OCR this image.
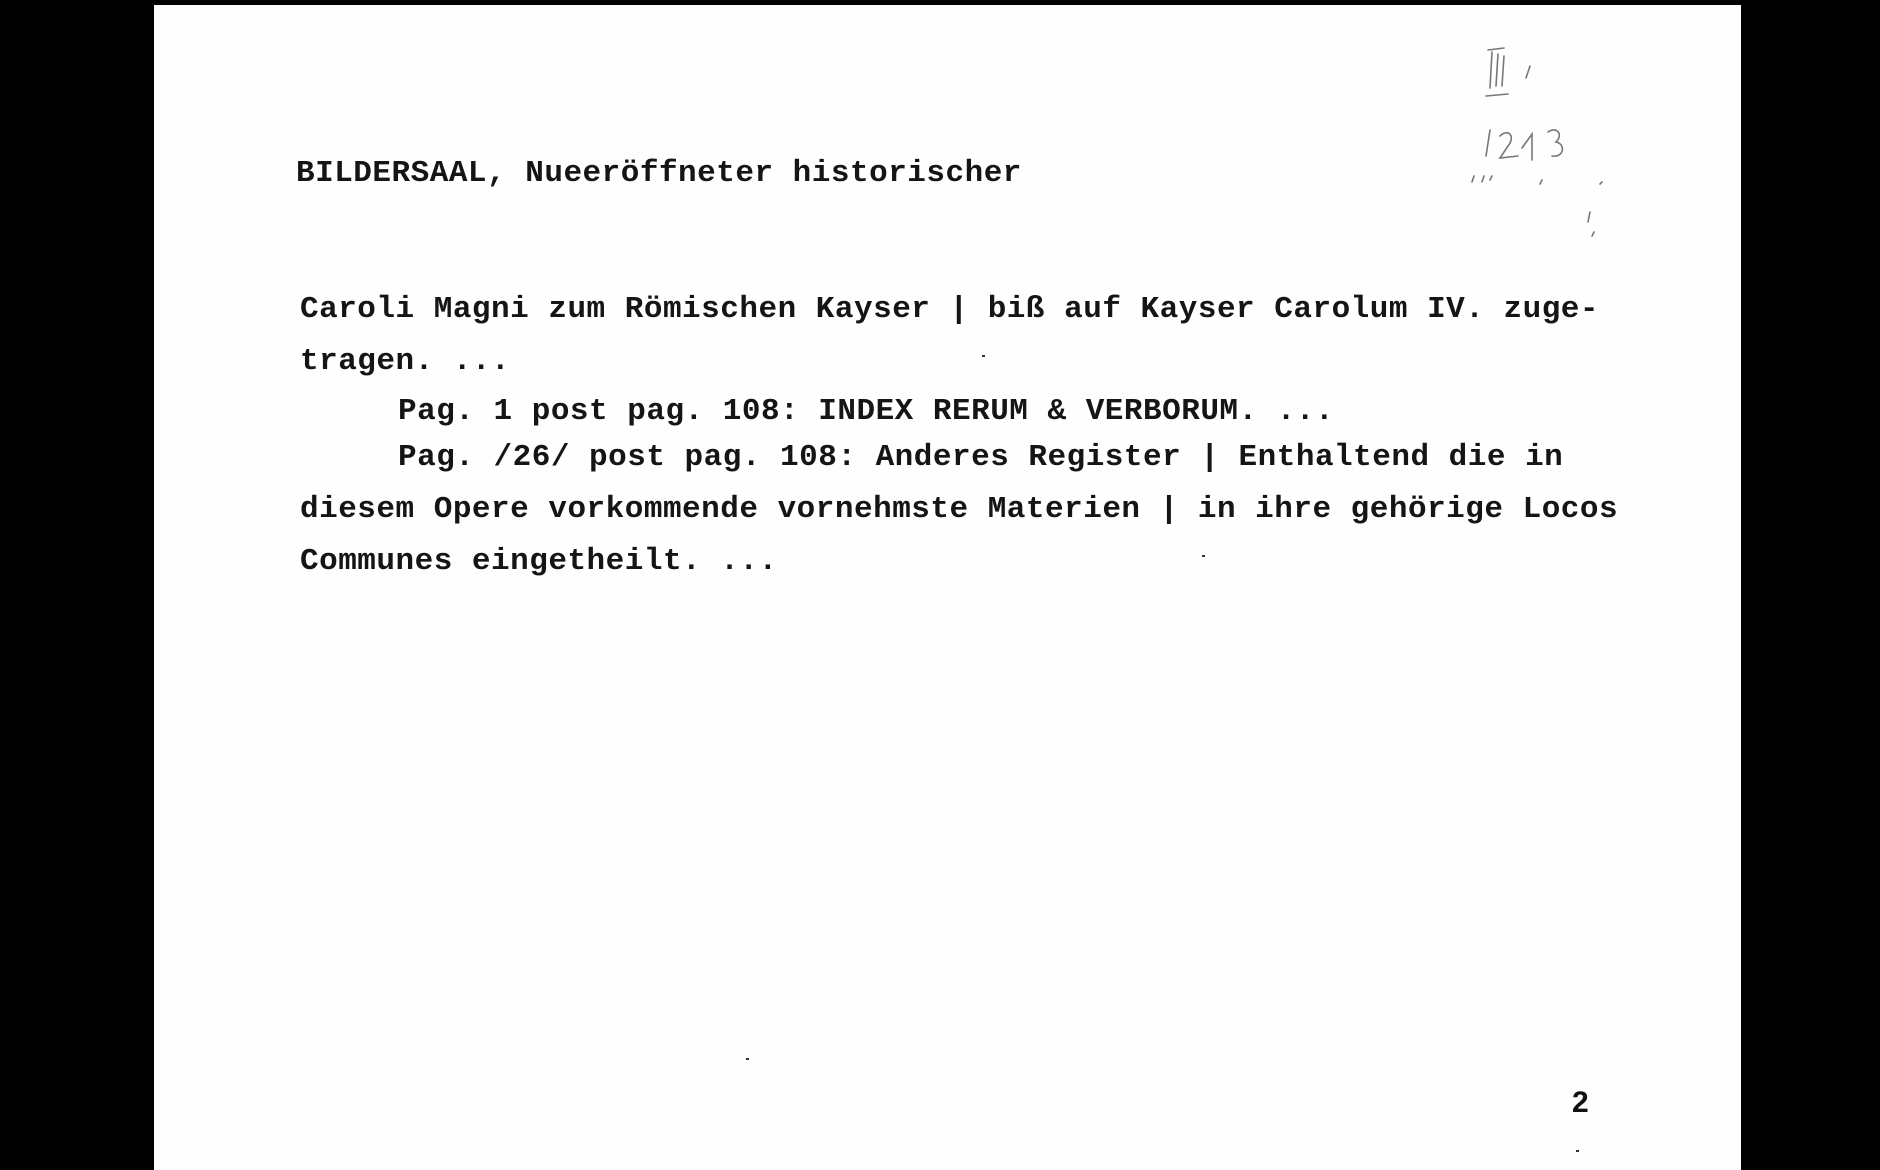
BILDERSAAL, Nueeröffneter historischer
Caroli Magni zum Römischen Kayser | biß auf Kayser Carolum IV. zuge-
tragen. ...
Pag. 1 post pag. 108: INDEX RERUM & VERBORUM. ...
Pag. /26/ post pag. 108: Anderes Register | Enthaltend die in
diesem Opere vorkommende vornehmste Materien | in ihre gehörige Locos
Communes eingetheilt. ...
2
